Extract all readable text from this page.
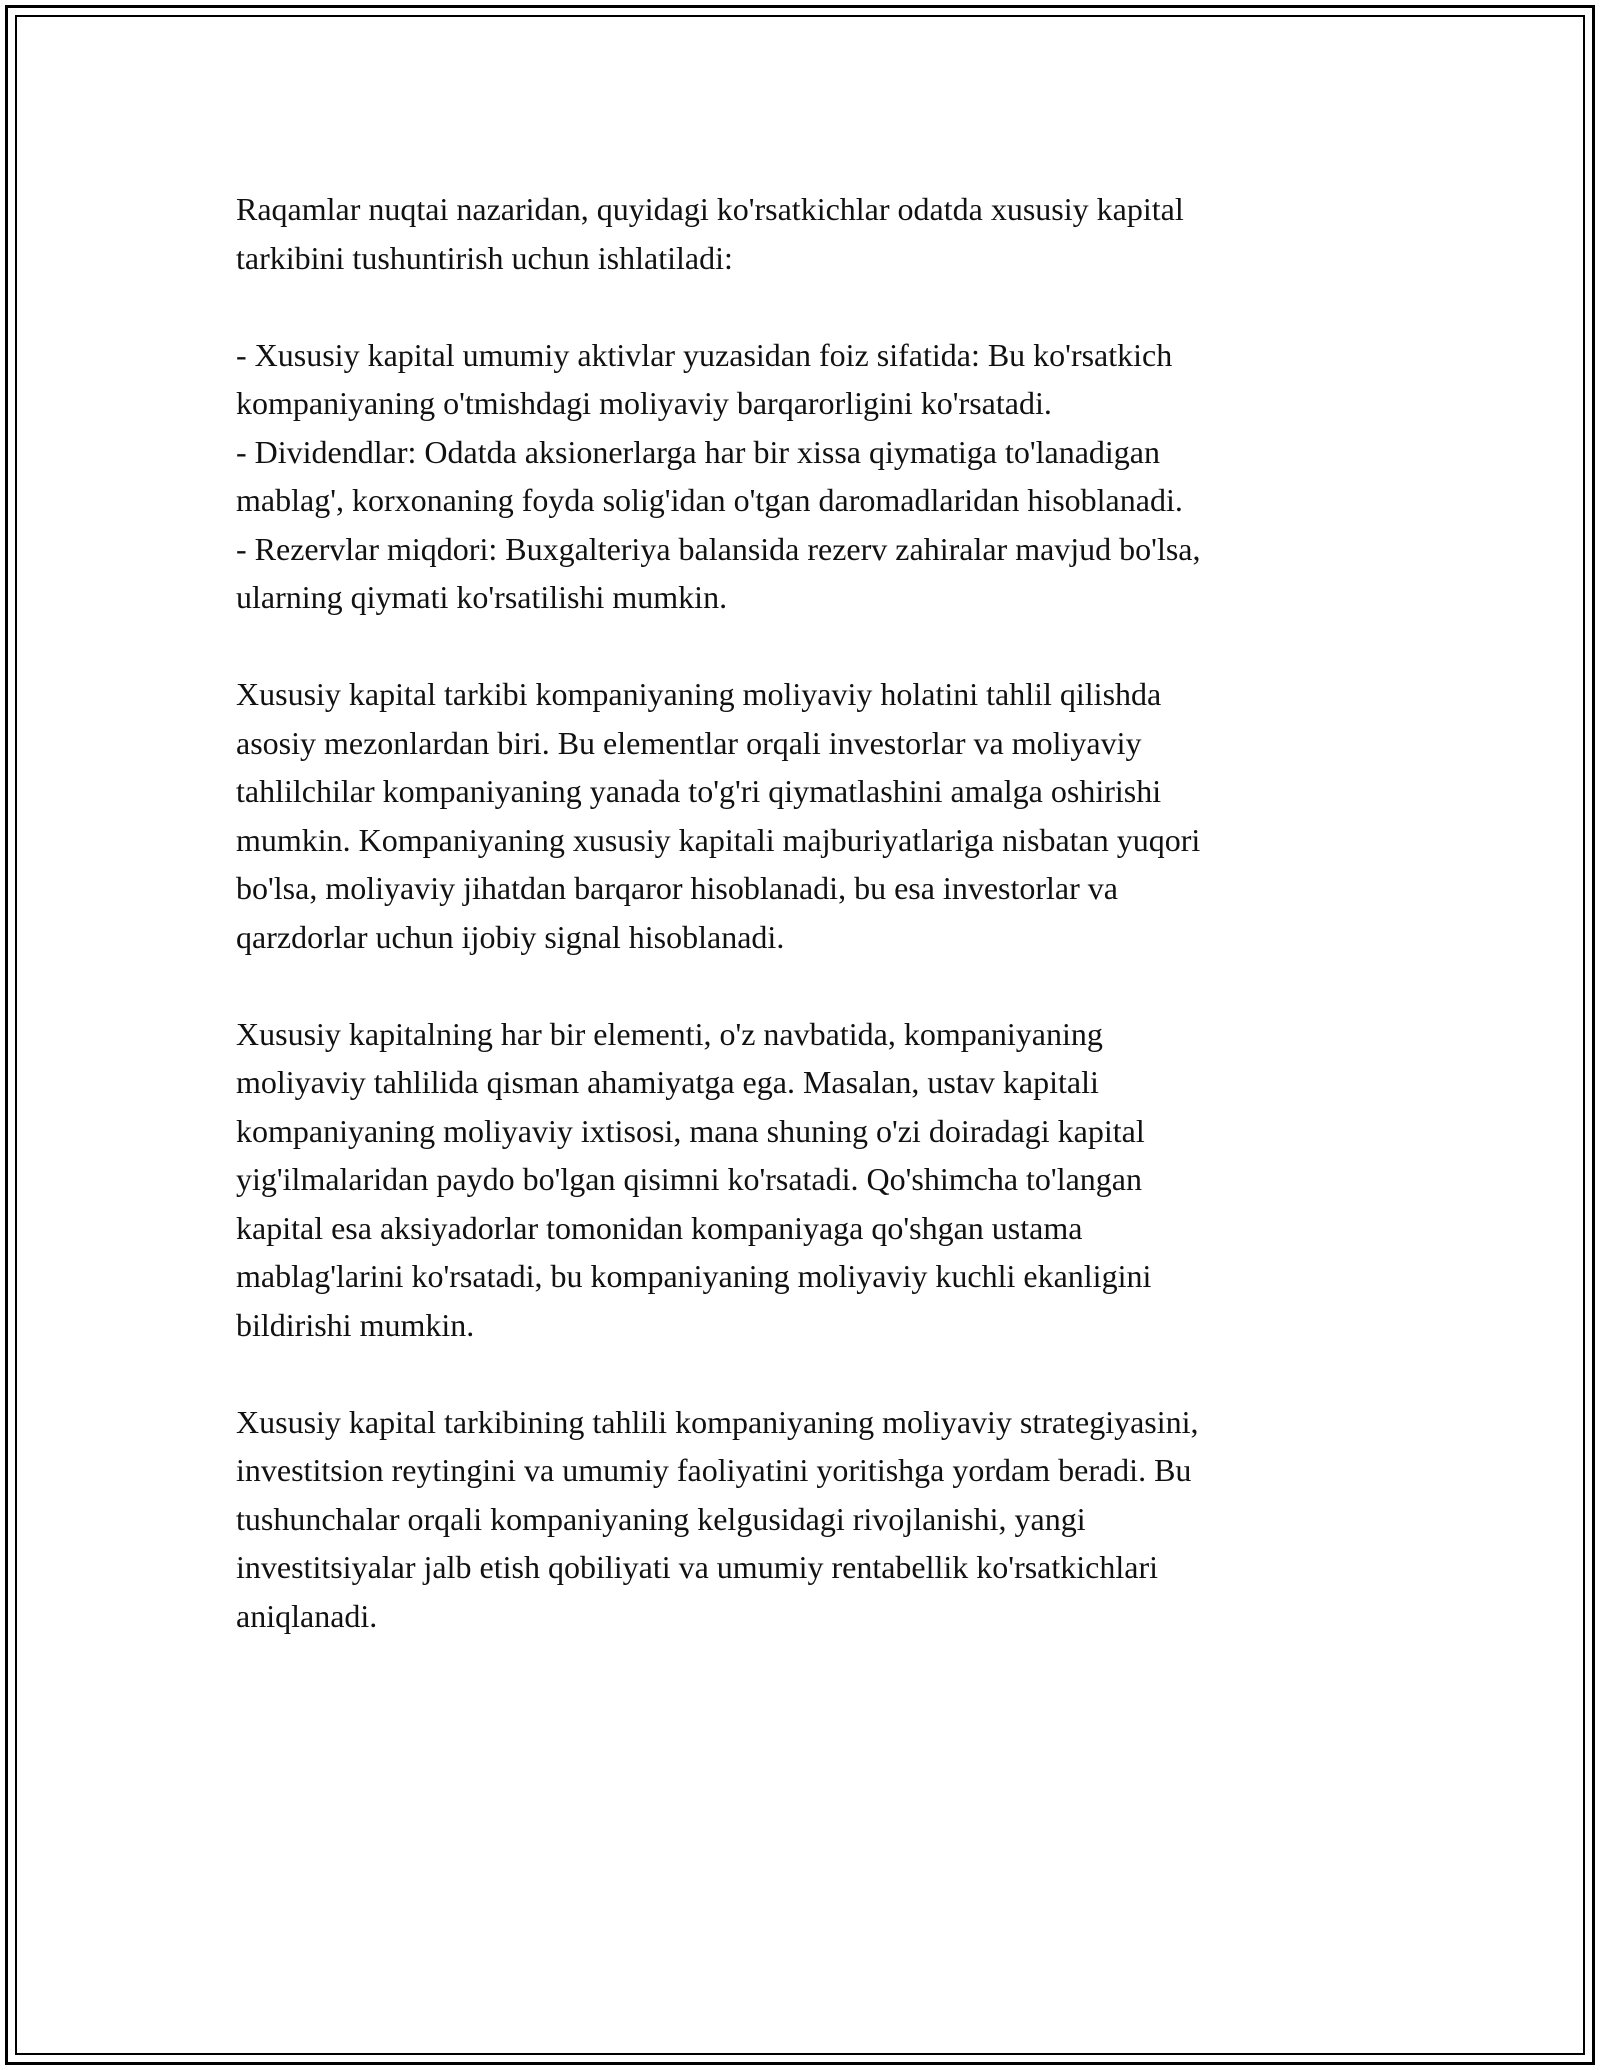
Raqamlar nuqtai nazaridan, quyidagi ko'rsatkichlar odatda xususiy kapital
tarkibini tushuntirish uchun ishlatiladi:

- Xususiy kapital umumiy aktivlar yuzasidan foiz sifatida: Bu ko'rsatkich
kompaniyaning o'tmishdagi moliyaviy barqarorligini ko'rsatadi.
- Dividendlar: Odatda aksionerlarga har bir xissa qiymatiga to'lanadigan
mablag', korxonaning foyda solig'idan o'tgan daromadlaridan hisoblanadi.
- Rezervlar miqdori: Buxgalteriya balansida rezerv zahiralar mavjud bo'lsa,
ularning qiymati ko'rsatilishi mumkin.

Xususiy kapital tarkibi kompaniyaning moliyaviy holatini tahlil qilishda
asosiy mezonlardan biri. Bu elementlar orqali investorlar va moliyaviy
tahlilchilar kompaniyaning yanada to'g'ri qiymatlashini amalga oshirishi
mumkin. Kompaniyaning xususiy kapitali majburiyatlariga nisbatan yuqori
bo'lsa, moliyaviy jihatdan barqaror hisoblanadi, bu esa investorlar va
qarzdorlar uchun ijobiy signal hisoblanadi.

Xususiy kapitalning har bir elementi, o'z navbatida, kompaniyaning
moliyaviy tahlilida qisman ahamiyatga ega. Masalan, ustav kapitali
kompaniyaning moliyaviy ixtisosi, mana shuning o'zi doiradagi kapital
yig'ilmalaridan paydo bo'lgan qisimni ko'rsatadi. Qo'shimcha to'langan
kapital esa aksiyadorlar tomonidan kompaniyaga qo'shgan ustama
mablag'larini ko'rsatadi, bu kompaniyaning moliyaviy kuchli ekanligini
bildirishi mumkin.

Xususiy kapital tarkibining tahlili kompaniyaning moliyaviy strategiyasini,
investitsion reytingini va umumiy faoliyatini yoritishga yordam beradi. Bu
tushunchalar orqali kompaniyaning kelgusidagi rivojlanishi, yangi
investitsiyalar jalb etish qobiliyati va umumiy rentabellik ko'rsatkichlari
aniqlanadi.
